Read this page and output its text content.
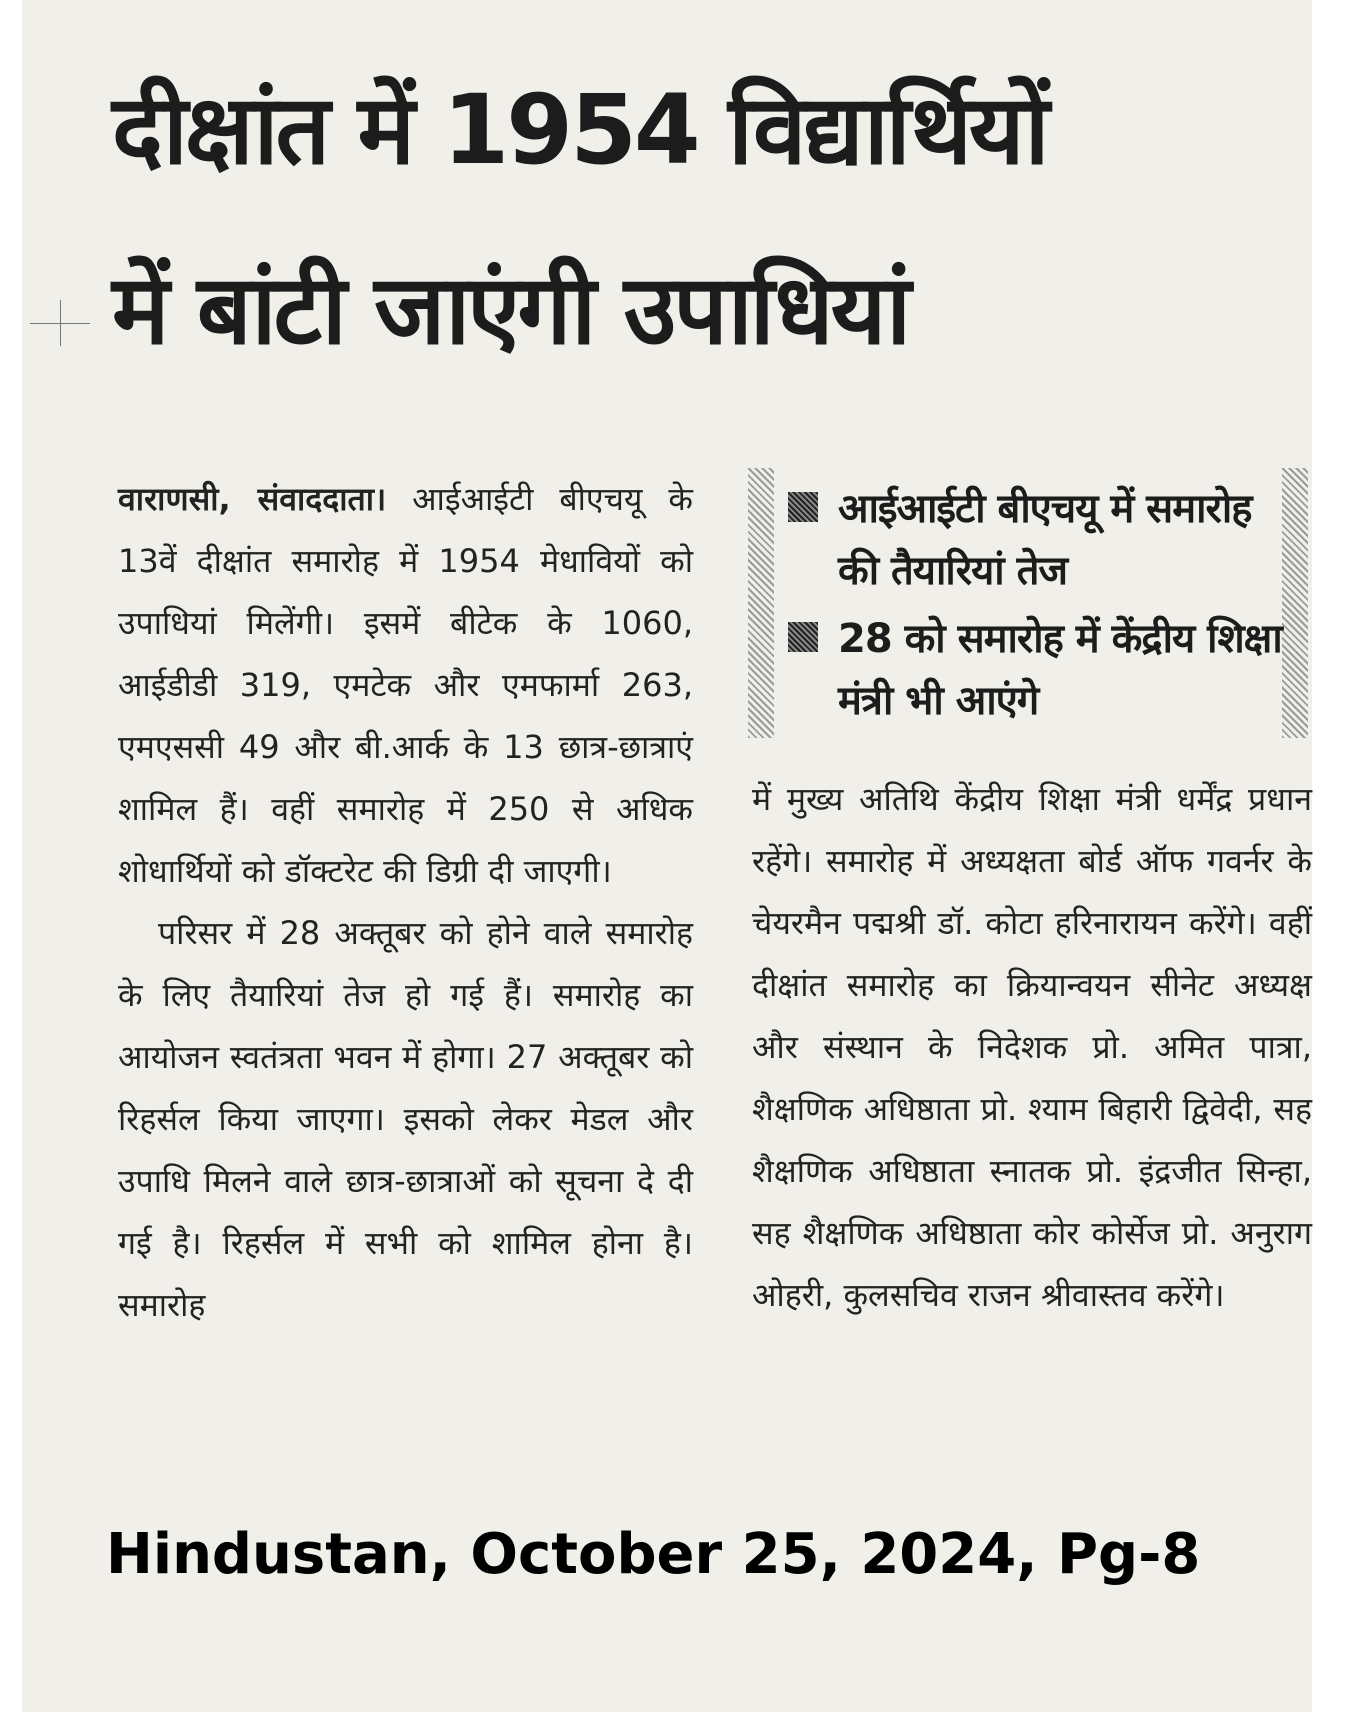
दीक्षांत में 1954 विद्यार्थियों
में बांटी जाएंगी उपाधियां

वाराणसी, संवाददाता। आईआईटी बीएचयू के 13वें दीक्षांत समारोह में 1954 मेधावियों को उपाधियां मिलेंगी। इसमें बीटेक के 1060, आईडीडी 319, एमटेक और एमफार्मा 263, एमएससी 49 और बी.आर्क के 13 छात्र-छात्राएं शामिल हैं। वहीं समारोह में 250 से अधिक शोधार्थियों को डॉक्टरेट की डिग्री दी जाएगी।

परिसर में 28 अक्तूबर को होने वाले समारोह के लिए तैयारियां तेज हो गई हैं। समारोह का आयोजन स्वतंत्रता भवन में होगा। 27 अक्तूबर को रिहर्सल किया जाएगा। इसको लेकर मेडल और उपाधि मिलने वाले छात्र-छात्राओं को सूचना दे दी गई है। रिहर्सल में सभी को शामिल होना है। समारोह

आईआईटी बीएचयू में समारोह की तैयारियां तेज
28 को समारोह में केंद्रीय शिक्षा मंत्री भी आएंगे

में मुख्य अतिथि केंद्रीय शिक्षा मंत्री धर्मेंद्र प्रधान रहेंगे। समारोह में अध्यक्षता बोर्ड ऑफ गवर्नर के चेयरमैन पद्मश्री डॉ. कोटा हरिनारायन करेंगे। वहीं दीक्षांत समारोह का क्रियान्वयन सीनेट अध्यक्ष और संस्थान के निदेशक प्रो. अमित पात्रा, शैक्षणिक अधिष्ठाता प्रो. श्याम बिहारी द्विवेदी, सह शैक्षणिक अधिष्ठाता स्नातक प्रो. इंद्रजीत सिन्हा, सह शैक्षणिक अधिष्ठाता कोर कोर्सेज प्रो. अनुराग ओहरी, कुलसचिव राजन श्रीवास्तव करेंगे।

Hindustan, October 25, 2024, Pg-8
